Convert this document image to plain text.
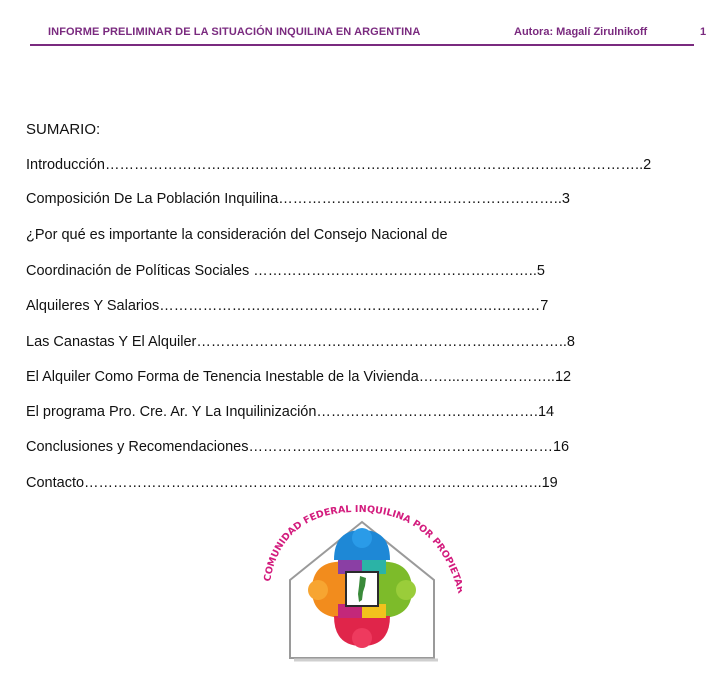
INFORME PRELIMINAR DE LA SITUACIÓN INQUILINA EN ARGENTINA	Autora: Magalí Zirulnikoff	1
SUMARIO:
Introducción…………………………………………………………………………………..……………..2
Composición De La Población Inquilina…………………………………………………..3
¿Por qué es importante la consideración del Consejo Nacional de
Coordinación de Políticas Sociales …………………………………………………..5
Alquileres Y Salarios…………………………………………………………….………7
Las Canastas Y El Alquiler…………………………………………………………………..8
El Alquiler Como Forma de Tenencia Inestable de la Vivienda……...………………..12
El programa Pro. Cre. Ar. Y La Inquilinización……………………………………….14
Conclusiones y Recomendaciones………………………………………………………16
Contacto…………………………………………………………………………………..19
COMUNIDAD FEDERAL INQUILINA POR PROPIET
